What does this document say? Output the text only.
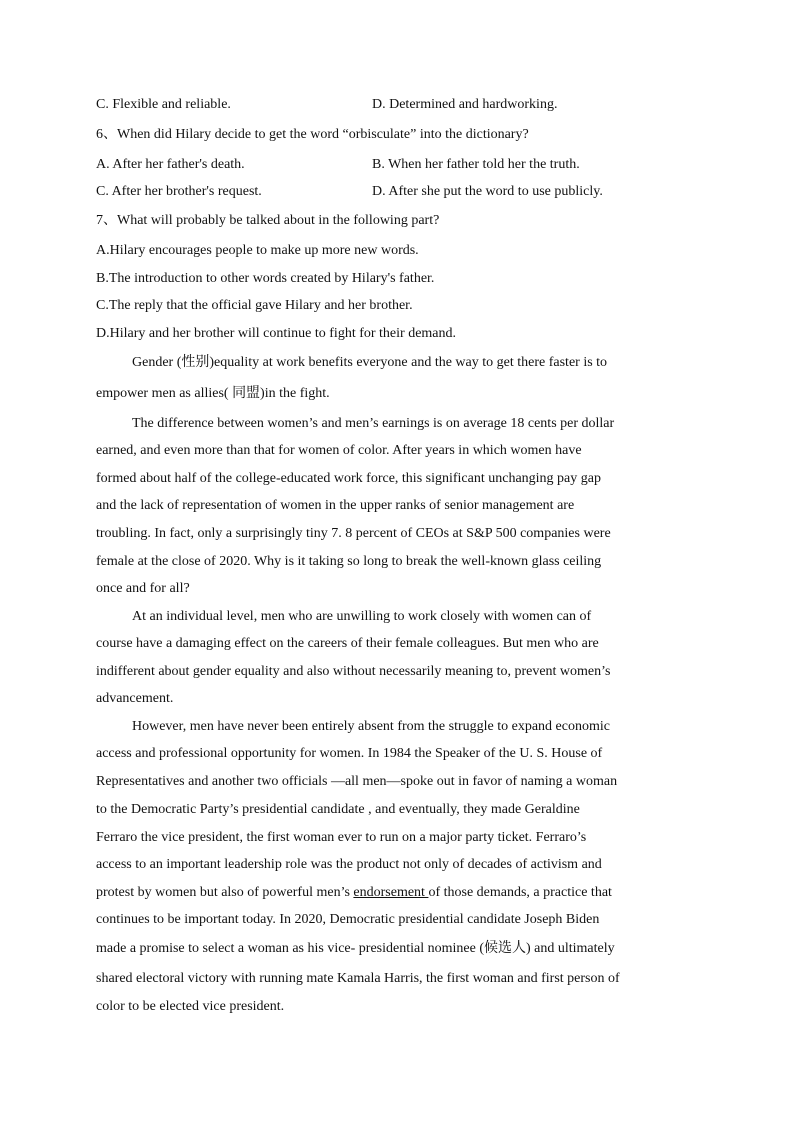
C. Flexible and reliable.	D. Determined and hardworking.
6、When did Hilary decide to get the word “orbisculate” into the dictionary?
A. After her father's death.	B. When her father told her the truth.
C. After her brother's request.	D. After she put the word to use publicly.
7、What will probably be talked about in the following part?
A.Hilary encourages people to make up more new words.
B.The introduction to other words created by Hilary's father.
C.The reply that the official gave Hilary and her brother.
D.Hilary and her brother will continue to fight for their demand.
Gender (性别)equality at work benefits everyone and the way to get there faster is to
empower men as allies( 同盟)in the fight.
The difference between women’s and men’s earnings is on average 18 cents per dollar
earned, and even more than that for women of color. After years in which women have
formed about half of the college-educated work force, this significant unchanging pay gap
and the lack of representation of women in the upper ranks of senior management are
troubling. In fact, only a surprisingly tiny 7. 8 percent of CEOs at S&P 500 companies were
female at the close of 2020. Why is it taking so long to break the well-known glass ceiling
once and for all?
At an individual level, men who are unwilling to work closely with women can of
course have a damaging effect on the careers of their female colleagues. But men who are
indifferent about gender equality and also without necessarily meaning to, prevent women’s
advancement.
However, men have never been entirely absent from the struggle to expand economic
access and professional opportunity for women. In 1984 the Speaker of the U. S. House of
Representatives and another two officials —all men—spoke out in favor of naming a woman
to the Democratic Party’s presidential candidate , and eventually, they made Geraldine
Ferraro the vice president, the first woman ever to run on a major party ticket. Ferraro’s
access to an important leadership role was the product not only of decades of activism and
protest by women but also of powerful men’s endorsement of those demands, a practice that
continues to be important today. In 2020, Democratic presidential candidate Joseph Biden
made a promise to select a woman as his vice- presidential nominee (候选人) and ultimately
shared electoral victory with running mate Kamala Harris, the first woman and first person of
color to be elected vice president.
